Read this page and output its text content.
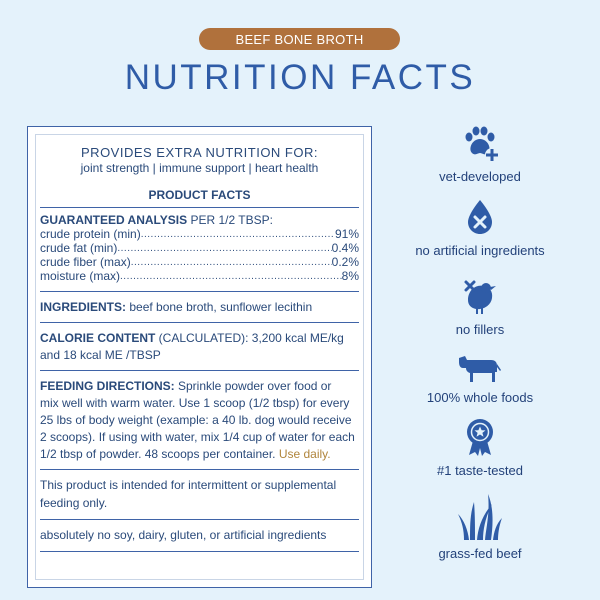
BEEF BONE BROTH
NUTRITION FACTS
PROVIDES EXTRA NUTRITION FOR:
joint strength | immune support | heart health
PRODUCT FACTS
GUARANTEED ANALYSIS PER 1/2 TBSP:
crude protein (min) .....	91%
crude fat (min) .....	0.4%
crude fiber (max) .....	0.2%
moisture (max) .....	8%
INGREDIENTS: beef bone broth, sunflower lecithin
CALORIE CONTENT (CALCULATED): 3,200 kcal ME/kg
and 18 kcal ME /TBSP
FEEDING DIRECTIONS: Sprinkle powder over food or
mix well with warm water. Use 1 scoop (1/2 tbsp) for every
25 lbs of body weight (example: a 40 lb. dog would receive
2 scoops). If using with water, mix 1/4 cup of water for each
1/2 tbsp of powder. 48 scoops per container. Use daily.
This product is intended for intermittent or supplemental
feeding only.
absolutely no soy, dairy, gluten, or artificial ingredients
vet-developed
no artificial ingredients
no fillers
100% whole foods
#1 taste-tested
grass-fed beef
